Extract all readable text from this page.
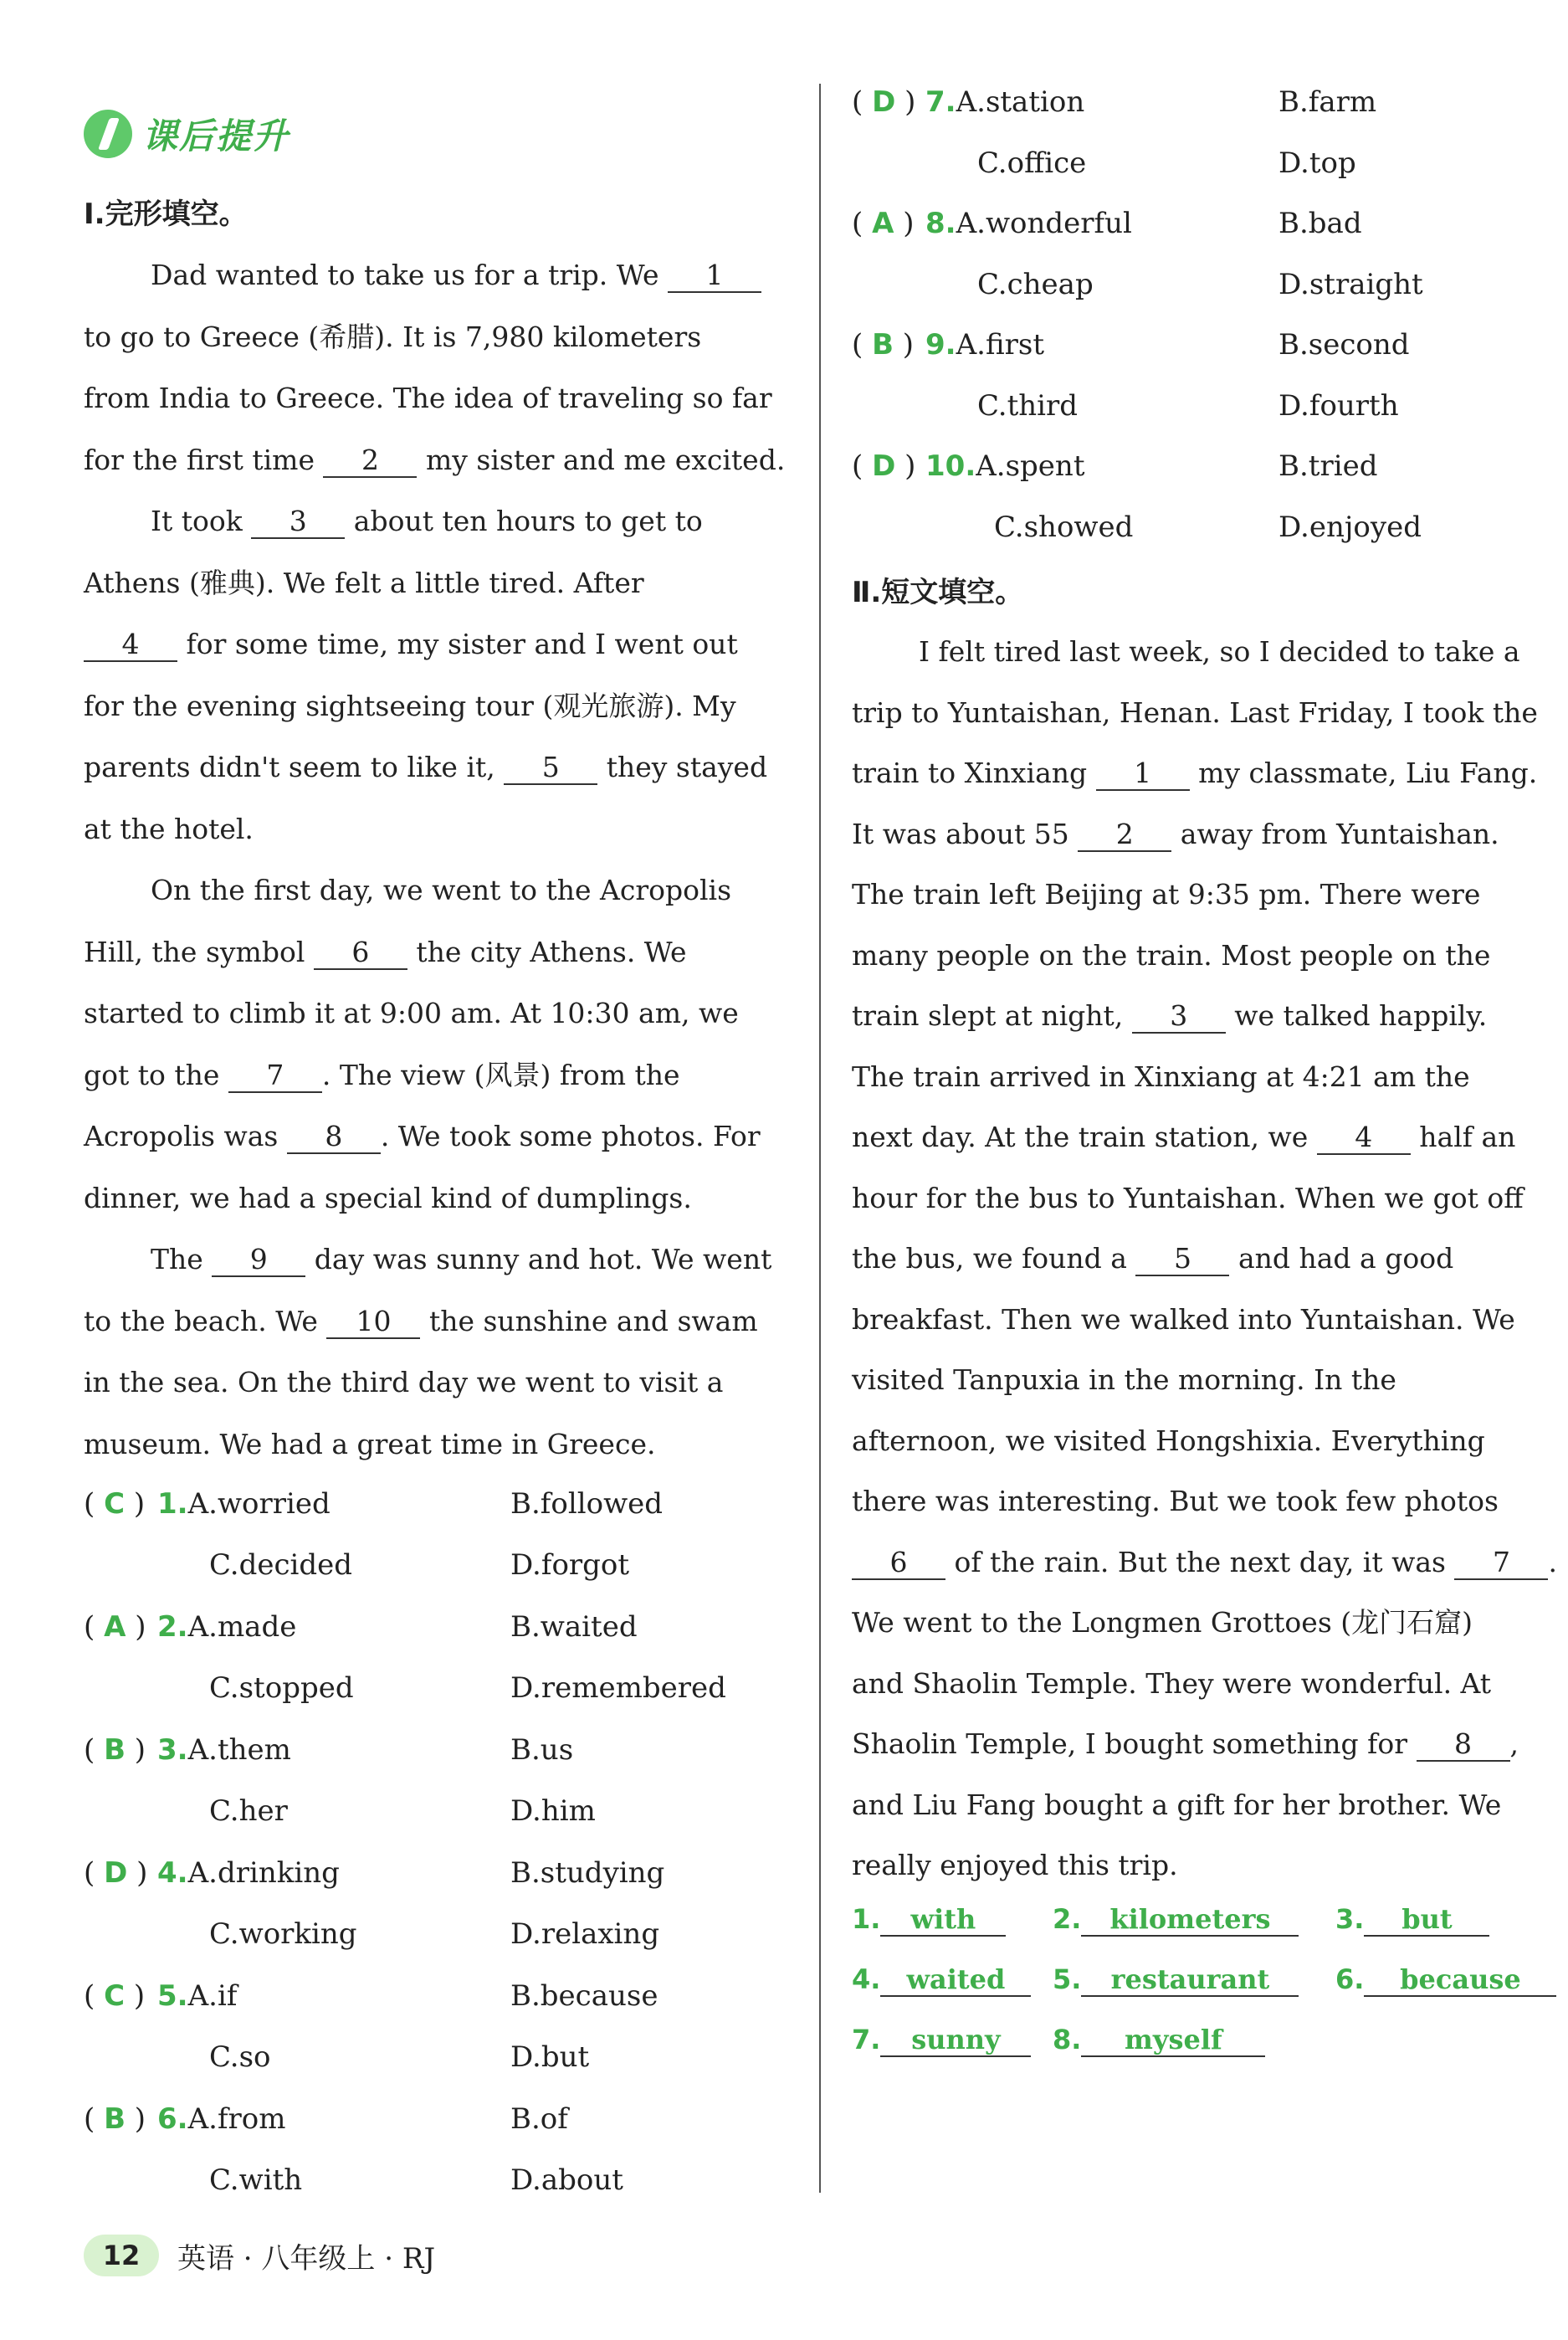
课后提升
Ⅰ.完形填空。
Dad wanted to take us for a trip. We 1
to go to Greece (希腊). It is 7,980 kilometers
from India to Greece. The idea of traveling so far
for the first time 2 my sister and me excited.
It took 3 about ten hours to get to
Athens (雅典). We felt a little tired. After
4 for some time, my sister and I went out
for the evening sightseeing tour (观光旅游). My
parents didn't seem to like it, 5 they stayed
at the hotel.
On the first day, we went to the Acropolis
Hill, the symbol 6 the city Athens. We
started to climb it at 9:00 am. At 10:30 am, we
got to the 7 . The view (风景) from the
Acropolis was 8 . We took some photos. For
dinner, we had a special kind of dumplings.
The 9 day was sunny and hot. We went
to the beach. We 10 the sunshine and swam
in the sea. On the third day we went to visit a
museum. We had a great time in Greece.
( C ) 1.A.worried	B.followed
C.decided	D.forgot
( A ) 2.A.made	B.waited
C.stopped	D.remembered
( B ) 3.A.them	B.us
C.her	D.him
( D ) 4.A.drinking	B.studying
C.working	D.relaxing
( C ) 5.A.if	B.because
C.so	D.but
( B ) 6.A.from	B.of
C.with	D.about
( D ) 7.A.station	B.farm
C.office	D.top
( A ) 8.A.wonderful	B.bad
C.cheap	D.straight
( B ) 9.A.first	B.second
C.third	D.fourth
( D ) 10.A.spent	B.tried
C.showed	D.enjoyed
Ⅱ.短文填空。
I felt tired last week, so I decided to take a
trip to Yuntaishan, Henan. Last Friday, I took the
train to Xinxiang 1 my classmate, Liu Fang.
It was about 55 2 away from Yuntaishan.
The train left Beijing at 9:35 pm. There were
many people on the train. Most people on the
train slept at night, 3 we talked happily.
The train arrived in Xinxiang at 4:21 am the
next day. At the train station, we 4 half an
hour for the bus to Yuntaishan. When we got off
the bus, we found a 5 and had a good
breakfast. Then we walked into Yuntaishan. We
visited Tanpuxia in the morning. In the
afternoon, we visited Hongshixia. Everything
there was interesting. But we took few photos
6 of the rain. But the next day, it was 7 .
We went to the Longmen Grottoes (龙门石窟)
and Shaolin Temple. They were wonderful. At
Shaolin Temple, I bought something for 8 ,
and Liu Fang bought a gift for her brother. We
really enjoyed this trip.
1. with	2. kilometers	3. but
4. waited	5. restaurant	6. because
7. sunny	8. myself
12	英语 · 八年级上 · RJ
